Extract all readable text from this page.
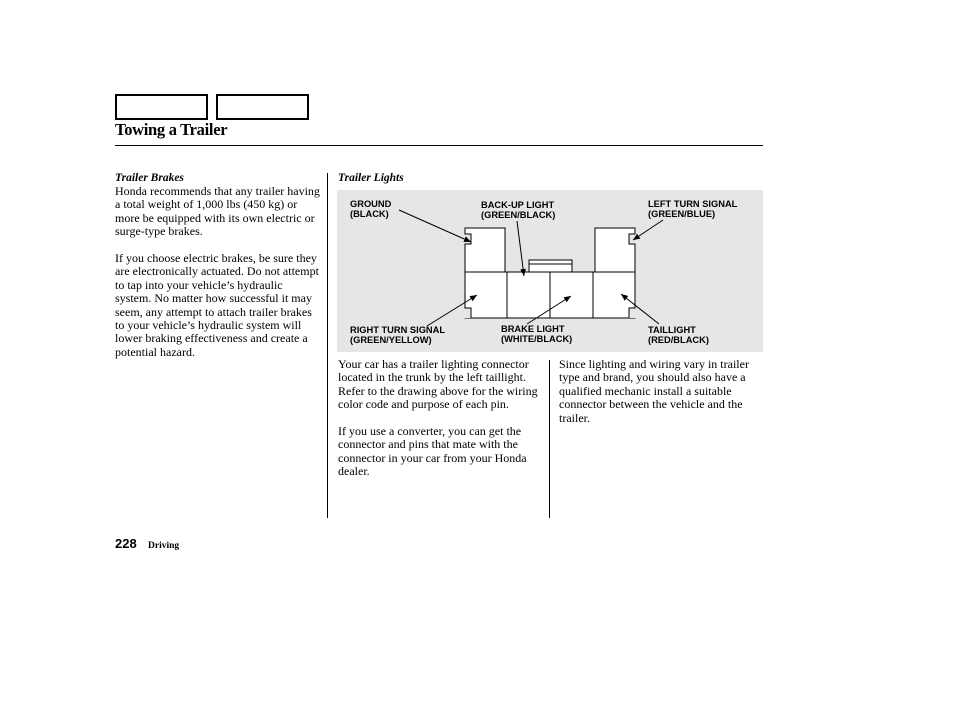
Towing a Trailer
Trailer Brakes

Honda recommends that any trailer having a total weight of 1,000 lbs (450 kg) or more be equipped with its own electric or surge-type brakes.

If you choose electric brakes, be sure they are electronically actuated. Do not attempt to tap into your vehicle’s hydraulic system. No matter how successful it may seem, any attempt to attach trailer brakes to your vehicle’s hydraulic system will lower braking effectiveness and create a potential hazard.

Trailer Lights
GROUND
(BLACK)
BACK-UP LIGHT
(GREEN/BLACK)
LEFT TURN SIGNAL
(GREEN/BLUE)
RIGHT TURN SIGNAL
(GREEN/YELLOW)
BRAKE LIGHT
(WHITE/BLACK)
TAILLIGHT
(RED/BLACK)

Your car has a trailer lighting connector located in the trunk by the left taillight. Refer to the drawing above for the wiring color code and purpose of each pin.

If you use a converter, you can get the connector and pins that mate with the connector in your car from your Honda dealer.

Since lighting and wiring vary in trailer type and brand, you should also have a qualified mechanic install a suitable connector between the vehicle and the trailer.

228 Driving
